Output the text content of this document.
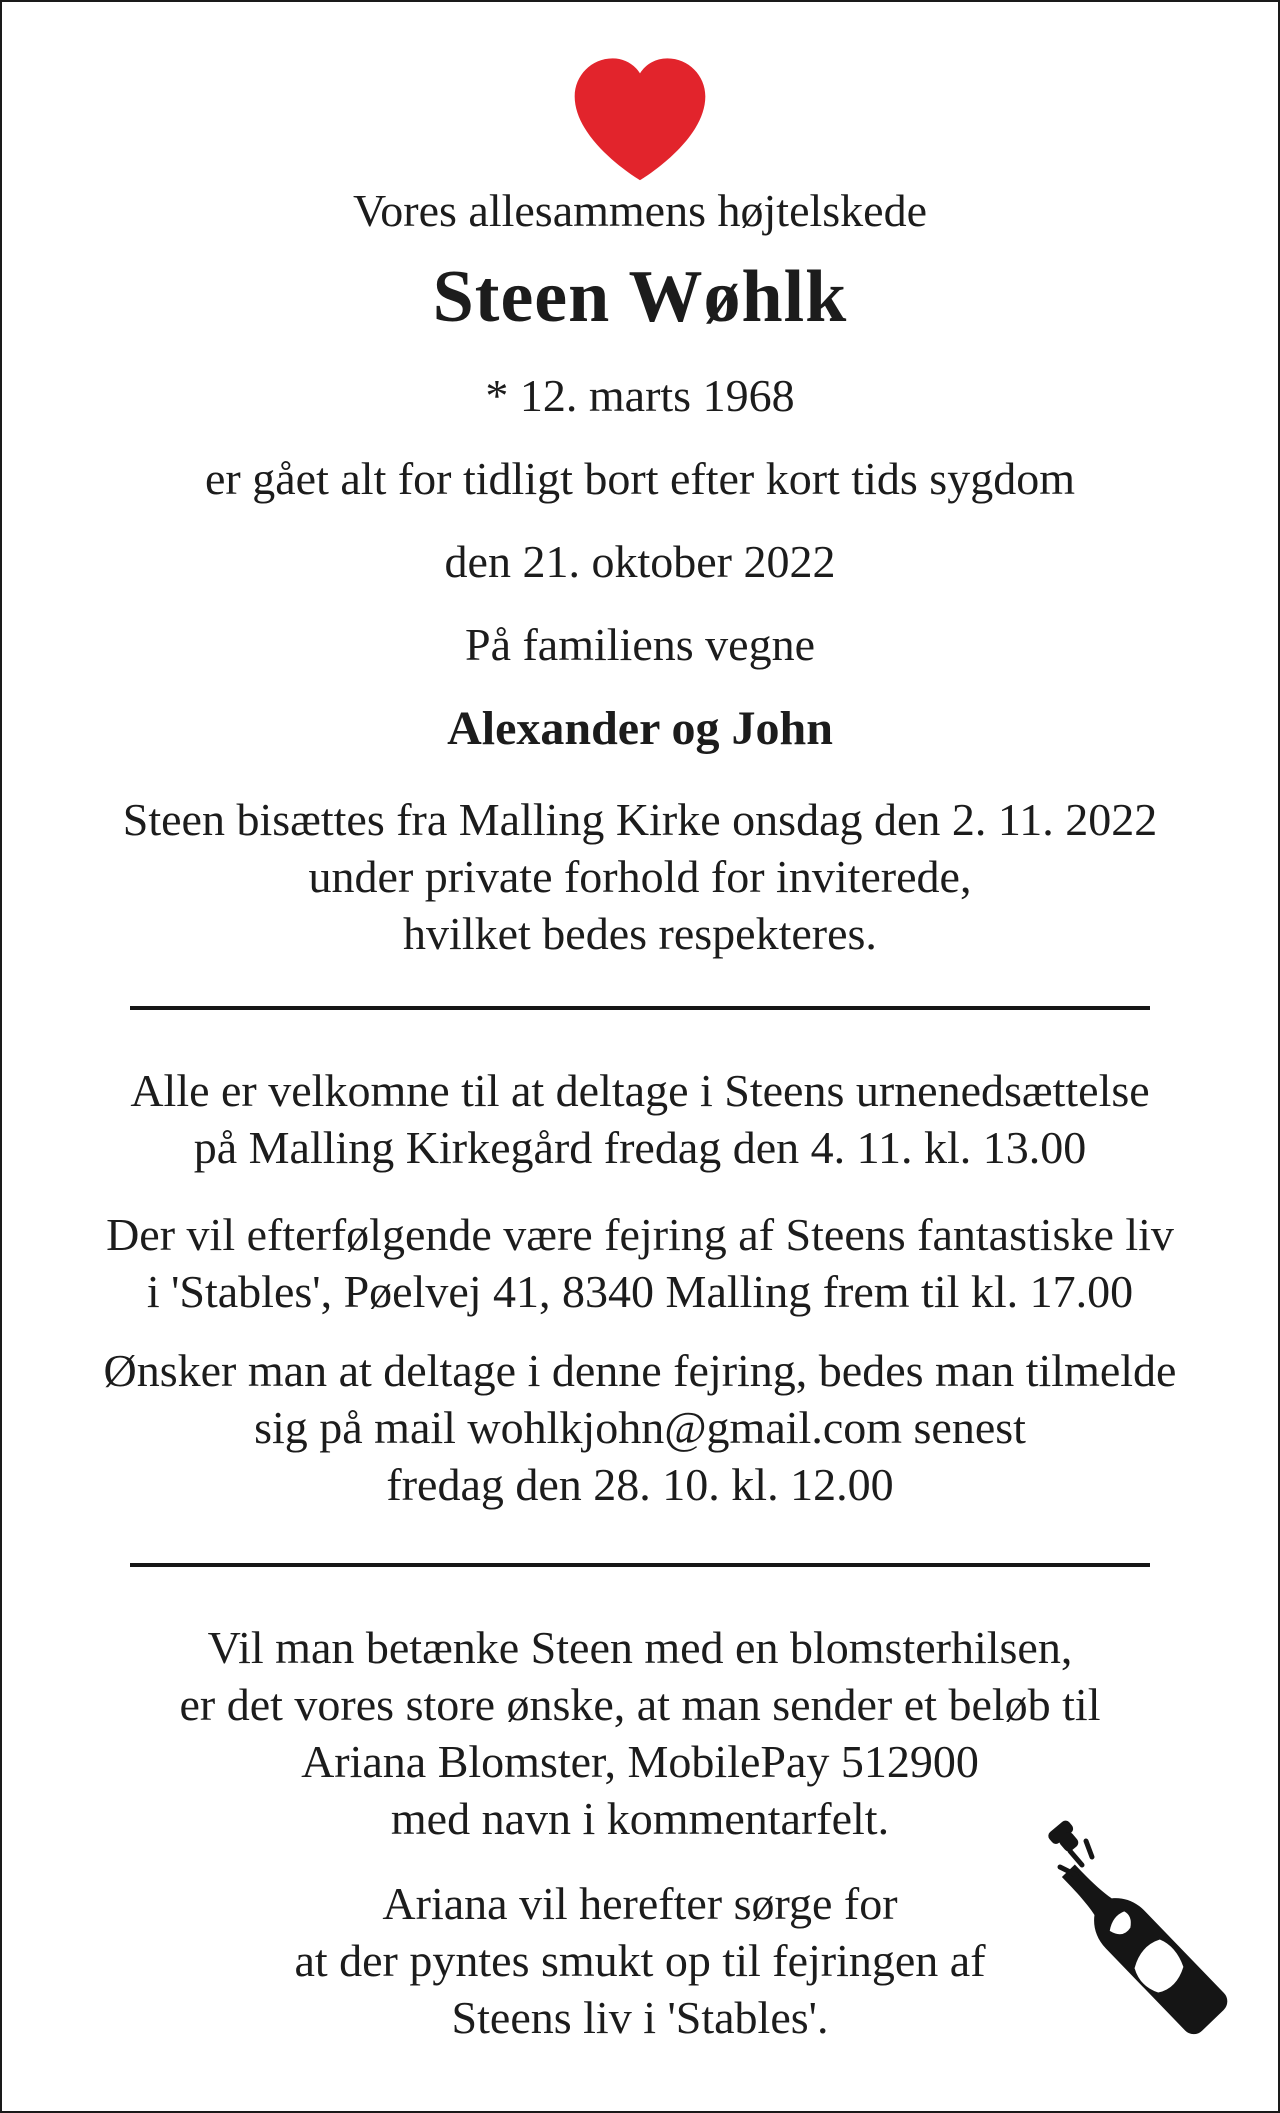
Vores allesammens højtelskede
Steen Wøhlk
* 12. marts 1968
er gået alt for tidligt bort efter kort tids sygdom
den 21. oktober 2022
På familiens vegne
Alexander og John
Steen bisættes fra Malling Kirke onsdag den 2. 11. 2022
under private forhold for inviterede,
hvilket bedes respekteres.
Alle er velkomne til at deltage i Steens urnenedsættelse
på Malling Kirkegård fredag den 4. 11. kl. 13.00
Der vil efterfølgende være fejring af Steens fantastiske liv
i 'Stables', Pøelvej 41, 8340 Malling frem til kl. 17.00
Ønsker man at deltage i denne fejring, bedes man tilmelde
sig på mail wohlkjohn@gmail.com senest
fredag den 28. 10. kl. 12.00
Vil man betænke Steen med en blomsterhilsen,
er det vores store ønske, at man sender et beløb til
Ariana Blomster, MobilePay 512900
med navn i kommentarfelt.
Ariana vil herefter sørge for
at der pyntes smukt op til fejringen af
Steens liv i 'Stables'.
